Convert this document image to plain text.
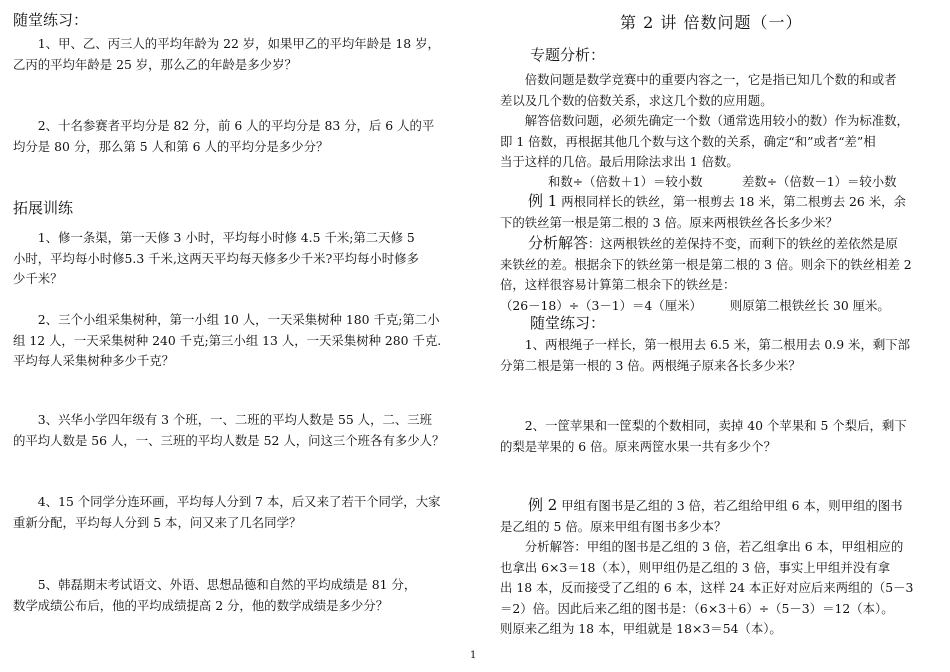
随堂练习：
1、甲、乙、丙三人的平均年龄为 22 岁，如果甲乙的平均年龄是 18 岁，
乙丙的平均年龄是 25 岁，那么乙的年龄是多少岁？
2、十名参赛者平均分是 82 分，前 6 人的平均分是 83 分，后 6 人的平
均分是 80 分，那么第 5 人和第 6 人的平均分是多少分？
拓展训练
1、修一条渠，第一天修 3 小时，平均每小时修 4.5 千米;第二天修 5
小时，平均每小时修5.3 千米,这两天平均每天修多少千米?平均每小时修多
少千米？
2、三个小组采集树种，第一小组 10 人，一天采集树种 180 千克;第二小
组 12 人，一天采集树种 240 千克;第三小组 13 人，一天采集树种 280 千克.
平均每人采集树种多少千克？
3、兴华小学四年级有 3 个班，一、二班的平均人数是 55 人，二、三班
的平均人数是 56 人，一、三班的平均人数是 52 人，问这三个班各有多少人？
4、15 个同学分连环画，平均每人分到 7 本，后又来了若干个同学，大家
重新分配，平均每人分到 5 本，问又来了几名同学？
5、韩磊期末考试语文、外语、思想品德和自然的平均成绩是 81 分，
数学成绩公布后，他的平均成绩提高 2 分，他的数学成绩是多少分？
第 2 讲 倍数问题（一）
专题分析：
倍数问题是数学竞赛中的重要内容之一，它是指已知几个数的和或者
差以及几个数的倍数关系，求这几个数的应用题。
解答倍数问题，必须先确定一个数（通常选用较小的数）作为标准数，
即 1 倍数，再根据其他几个数与这个数的关系，确定“和”或者“差”相
当于这样的几倍。最后用除法求出 1 倍数。
和数÷（倍数＋1）＝较小数	差数÷（倍数－1）＝较小数
例 1 两根同样长的铁丝，第一根剪去 18 米，第二根剪去 26 米，余
下的铁丝第一根是第二根的 3 倍。原来两根铁丝各长多少米？
分析解答：这两根铁丝的差保持不变，而剩下的铁丝的差依然是原
来铁丝的差。根据余下的铁丝第一根是第二根的 3 倍。则余下的铁丝相差 2
倍，这样很容易计算第二根余下的铁丝是：
（26－18）÷（3－1）＝4（厘米） 则原第二根铁丝长 30 厘米。
随堂练习：
1、两根绳子一样长，第一根用去 6.5 米，第二根用去 0.9 米，剩下部
分第二根是第一根的 3 倍。两根绳子原来各长多少米？
2、一筐苹果和一筐梨的个数相同，卖掉 40 个苹果和 5 个梨后，剩下
的梨是苹果的 6 倍。原来两筐水果一共有多少个？
例 2 甲组有图书是乙组的 3 倍，若乙组给甲组 6 本，则甲组的图书
是乙组的 5 倍。原来甲组有图书多少本？
分析解答：甲组的图书是乙组的 3 倍，若乙组拿出 6 本，甲组相应的
也拿出 6×3＝18（本），则甲组仍是乙组的 3 倍，事实上甲组并没有拿
出 18 本，反而接受了乙组的 6 本，这样 24 本正好对应后来两组的（5－3
＝2）倍。因此后来乙组的图书是：（6×3＋6）÷（5－3）＝12（本）。
则原来乙组为 18 本，甲组就是 18×3＝54（本）。
1
